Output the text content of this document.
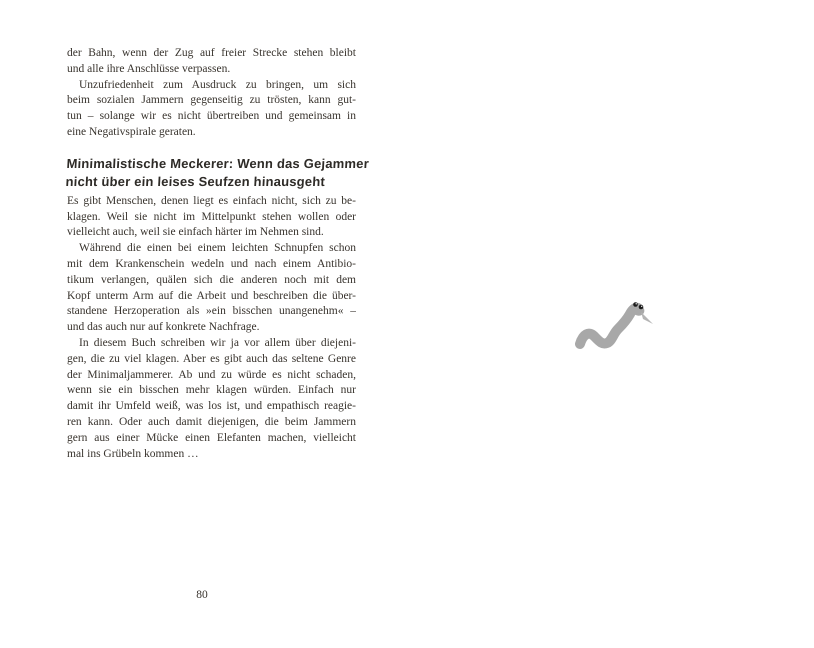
der Bahn, wenn der Zug auf freier Strecke stehen bleibt
und alle ihre Anschlüsse verpassen.
Unzufriedenheit zum Ausdruck zu bringen, um sich
beim sozialen Jammern gegenseitig zu trösten, kann gut-
tun – solange wir es nicht übertreiben und gemeinsam in
eine Negativspirale geraten.
Minimalistische Meckerer: Wenn das Gejammer
nicht über ein leises Seufzen hinausgeht
Es gibt Menschen, denen liegt es einfach nicht, sich zu be-
klagen. Weil sie nicht im Mittelpunkt stehen wollen oder
vielleicht auch, weil sie einfach härter im Nehmen sind.
Während die einen bei einem leichten Schnupfen schon
mit dem Krankenschein wedeln und nach einem Antibio-
tikum verlangen, quälen sich die anderen noch mit dem
Kopf unterm Arm auf die Arbeit und beschreiben die über-
standene Herzoperation als »ein bisschen unangenehm« –
und das auch nur auf konkrete Nachfrage.
In diesem Buch schreiben wir ja vor allem über diejeni-
gen, die zu viel klagen. Aber es gibt auch das seltene Genre
der Minimaljammerer. Ab und zu würde es nicht schaden,
wenn sie ein bisschen mehr klagen würden. Einfach nur
damit ihr Umfeld weiß, was los ist, und empathisch reagie-
ren kann. Oder auch damit diejenigen, die beim Jammern
gern aus einer Mücke einen Elefanten machen, vielleicht
mal ins Grübeln kommen …
80
